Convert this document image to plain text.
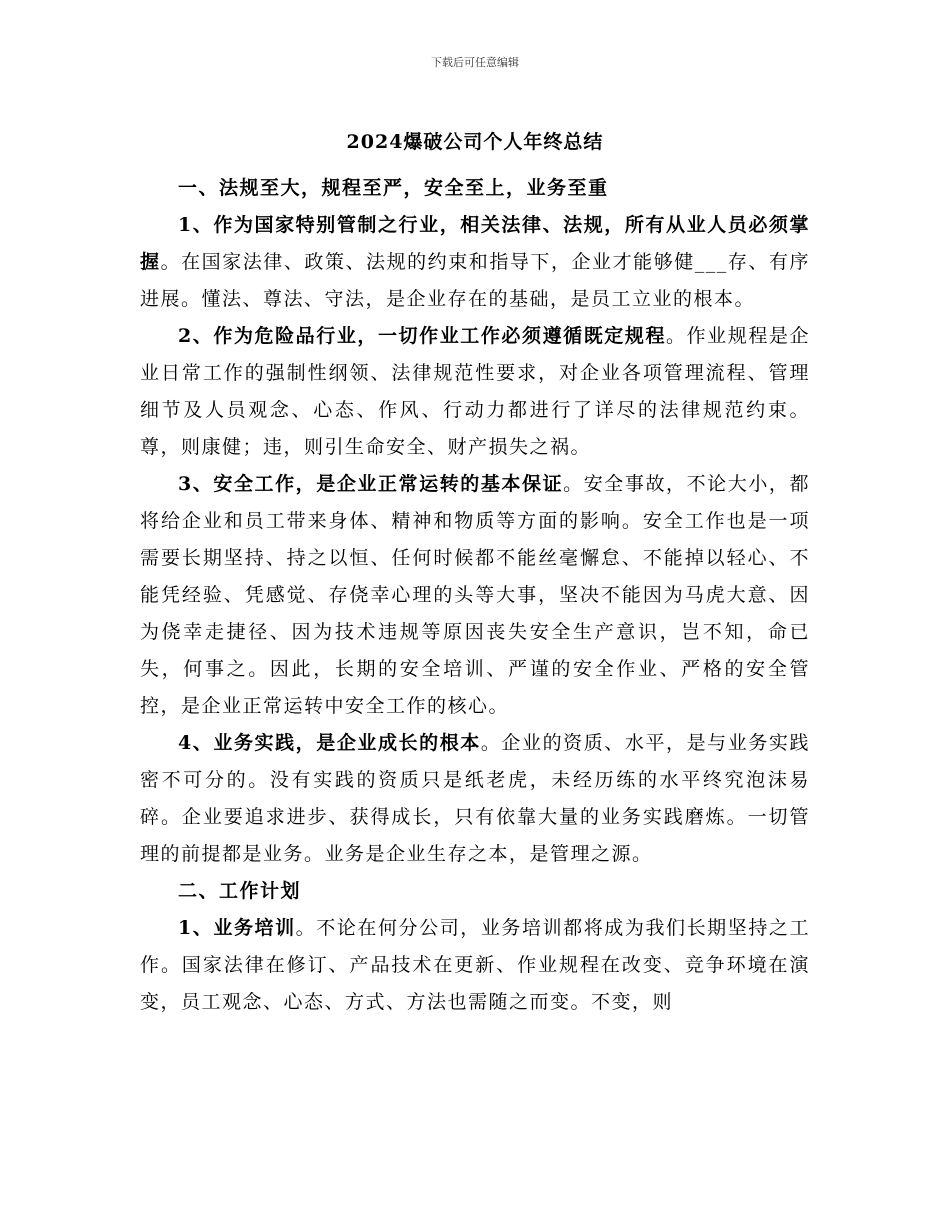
下载后可任意编辑
2024爆破公司个人年终总结

一、法规至大，规程至严，安全至上，业务至重

1、作为国家特别管制之行业，相关法律、法规，所有从业人员必须掌握。在国家法律、政策、法规的约束和指导下，企业才能够健___存、有序进展。懂法、尊法、守法，是企业存在的基础，是员工立业的根本。

2、作为危险品行业，一切作业工作必须遵循既定规程。作业规程是企业日常工作的强制性纲领、法律规范性要求，对企业各项管理流程、管理细节及人员观念、心态、作风、行动力都进行了详尽的法律规范约束。尊，则康健；违，则引生命安全、财产损失之祸。

3、安全工作，是企业正常运转的基本保证。安全事故，不论大小，都将给企业和员工带来身体、精神和物质等方面的影响。安全工作也是一项需要长期坚持、持之以恒、任何时候都不能丝毫懈怠、不能掉以轻心、不能凭经验、凭感觉、存侥幸心理的头等大事，坚决不能因为马虎大意、因为侥幸走捷径、因为技术违规等原因丧失安全生产意识，岂不知，命已失，何事之。因此，长期的安全培训、严谨的安全作业、严格的安全管控，是企业正常运转中安全工作的核心。

4、业务实践，是企业成长的根本。企业的资质、水平，是与业务实践密不可分的。没有实践的资质只是纸老虎，未经历练的水平终究泡沫易碎。企业要追求进步、获得成长，只有依靠大量的业务实践磨炼。一切管理的前提都是业务。业务是企业生存之本，是管理之源。

二、工作计划

1、业务培训。不论在何分公司，业务培训都将成为我们长期坚持之工作。国家法律在修订、产品技术在更新、作业规程在改变、竞争环境在演变，员工观念、心态、方式、方法也需随之而变。不变，则
